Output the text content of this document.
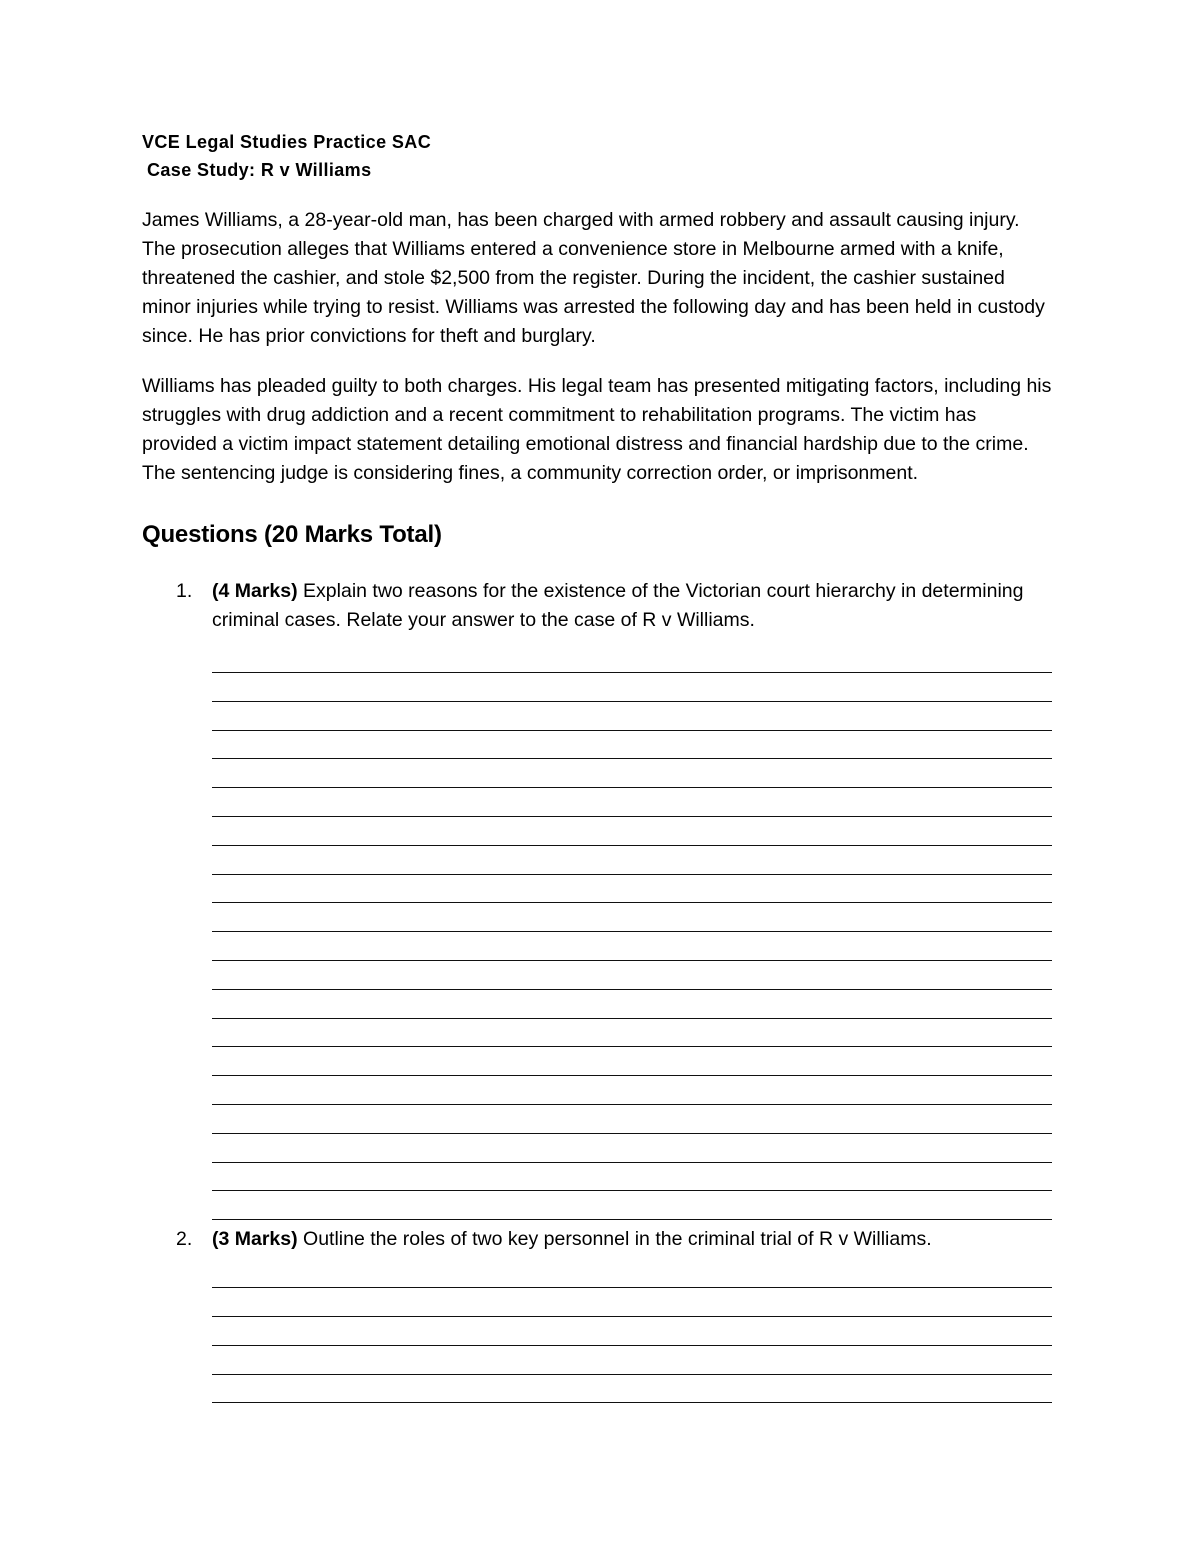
VCE Legal Studies Practice SAC

Case Study: R v Williams

James Williams, a 28-year-old man, has been charged with armed robbery and assault causing injury. The prosecution alleges that Williams entered a convenience store in Melbourne armed with a knife, threatened the cashier, and stole $2,500 from the register. During the incident, the cashier sustained minor injuries while trying to resist. Williams was arrested the following day and has been held in custody since. He has prior convictions for theft and burglary.

Williams has pleaded guilty to both charges. His legal team has presented mitigating factors, including his struggles with drug addiction and a recent commitment to rehabilitation programs. The victim has provided a victim impact statement detailing emotional distress and financial hardship due to the crime. The sentencing judge is considering fines, a community correction order, or imprisonment.

Questions (20 Marks Total)
1. (4 Marks) Explain two reasons for the existence of the Victorian court hierarchy in determining criminal cases. Relate your answer to the case of R v Williams.
2. (3 Marks) Outline the roles of two key personnel in the criminal trial of R v Williams.
